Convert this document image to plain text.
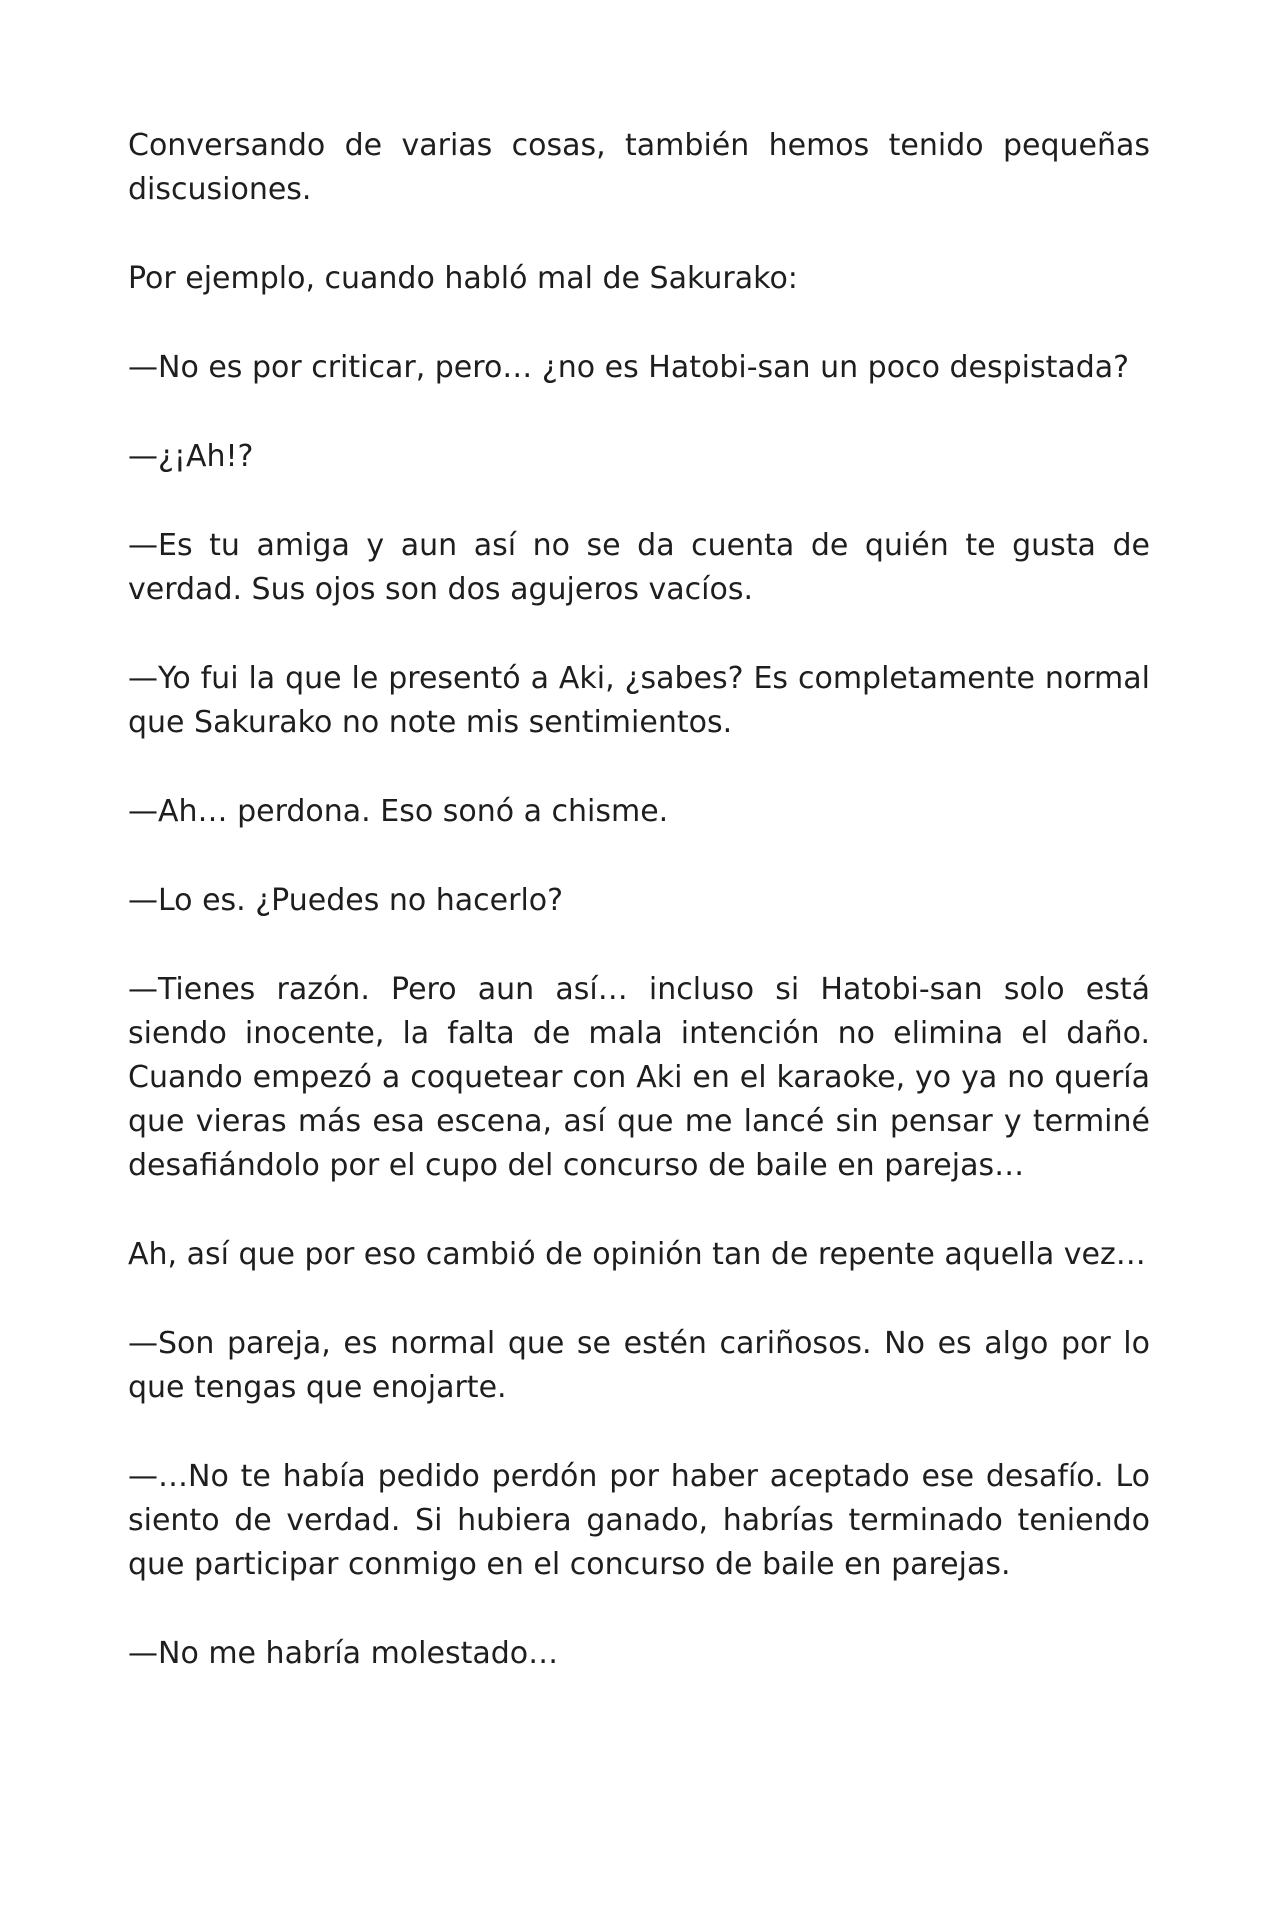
Conversando de varias cosas, también hemos tenido pequeñas discusiones.

Por ejemplo, cuando habló mal de Sakurako:

—No es por criticar, pero… ¿no es Hatobi-san un poco despistada?

—¿¡Ah!?

—Es tu amiga y aun así no se da cuenta de quién te gusta de verdad. Sus ojos son dos agujeros vacíos.

—Yo fui la que le presentó a Aki, ¿sabes? Es completamente normal que Sakurako no note mis sentimientos.

—Ah… perdona. Eso sonó a chisme.

—Lo es. ¿Puedes no hacerlo?

—Tienes razón. Pero aun así… incluso si Hatobi-san solo está siendo inocente, la falta de mala intención no elimina el daño. Cuando empezó a coquetear con Aki en el karaoke, yo ya no quería que vieras más esa escena, así que me lancé sin pensar y terminé desafiándolo por el cupo del concurso de baile en parejas…

Ah, así que por eso cambió de opinión tan de repente aquella vez…

—Son pareja, es normal que se estén cariñosos. No es algo por lo que tengas que enojarte.

—…No te había pedido perdón por haber aceptado ese desafío. Lo siento de verdad. Si hubiera ganado, habrías terminado teniendo que participar conmigo en el concurso de baile en parejas.

—No me habría molestado…
